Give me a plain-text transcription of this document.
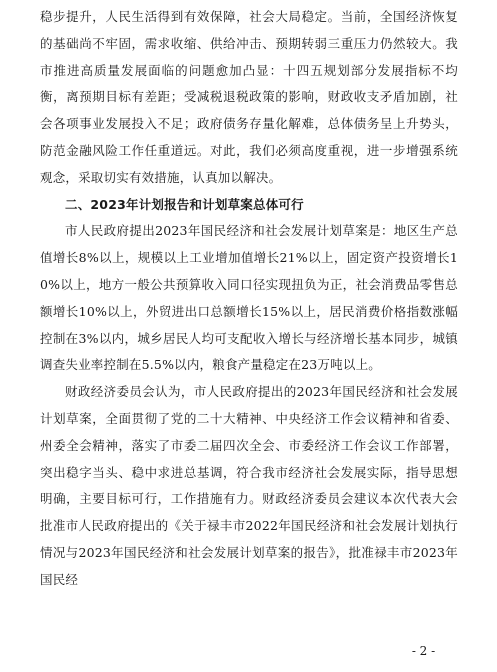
稳步提升，人民生活得到有效保障，社会大局稳定。当前，全国经济恢复的基础尚不牢固，需求收缩、供给冲击、预期转弱三重压力仍然较大。我市推进高质量发展面临的问题愈加凸显：十四五规划部分发展指标不均衡，离预期目标有差距；受减税退税政策的影响，财政收支矛盾加剧，社会各项事业发展投入不足；政府债务存量化解难，总体债务呈上升势头，防范金融风险工作任重道远。对此，我们必须高度重视，进一步增强系统观念，采取切实有效措施，认真加以解决。

二、2023年计划报告和计划草案总体可行

市人民政府提出2023年国民经济和社会发展计划草案是：地区生产总值增长8%以上，规模以上工业增加值增长21%以上，固定资产投资增长10%以上，地方一般公共预算收入同口径实现扭负为正，社会消费品零售总额增长10%以上，外贸进出口总额增长15%以上，居民消费价格指数涨幅控制在3%以内，城乡居民人均可支配收入增长与经济增长基本同步，城镇调查失业率控制在5.5%以内，粮食产量稳定在23万吨以上。

财政经济委员会认为，市人民政府提出的2023年国民经济和社会发展计划草案，全面贯彻了党的二十大精神、中央经济工作会议精神和省委、州委全会精神，落实了市委二届四次全会、市委经济工作会议工作部署，突出稳字当头、稳中求进总基调，符合我市经济社会发展实际，指导思想明确，主要目标可行，工作措施有力。财政经济委员会建议本次代表大会批准市人民政府提出的《关于禄丰市2022年国民经济和社会发展计划执行情况与2023年国民经济和社会发展计划草案的报告》，批准禄丰市2023年国民经

- 2 -
